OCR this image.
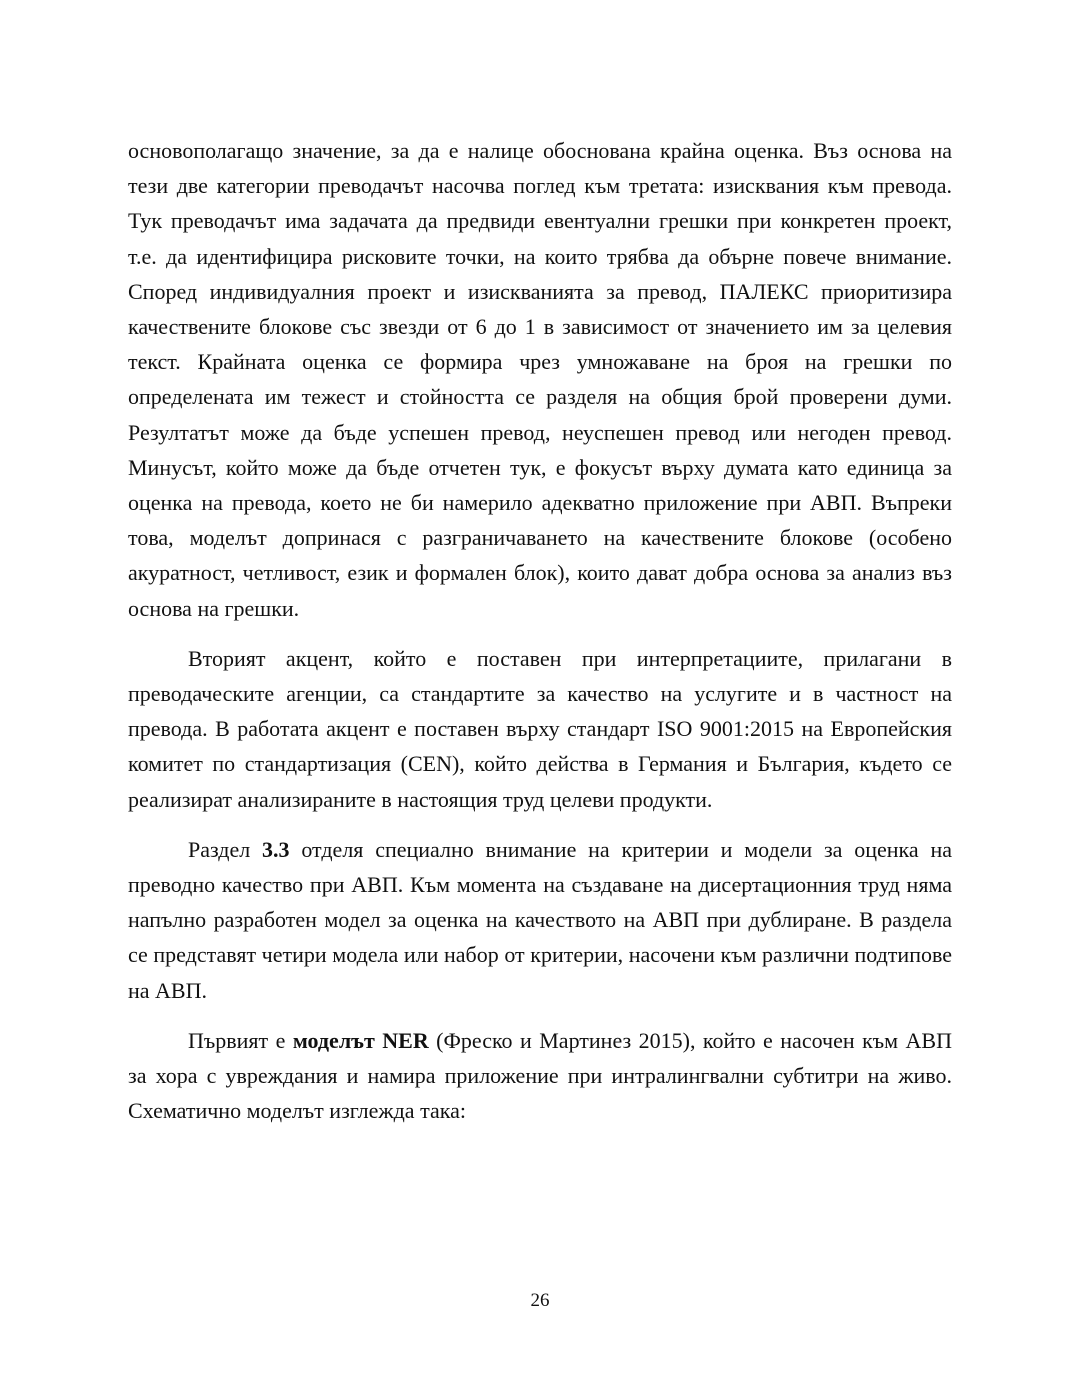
основополагащо значение, за да е налице обоснована крайна оценка. Въз основа на тези две категории преводачът насочва поглед към третата: изисквания към превода. Тук преводачът има задачата да предвиди евентуални грешки при конкретен проект, т.е. да идентифицира рисковите точки, на които трябва да обърне повече внимание. Според индивидуалния проект и изискванията за превод, ПАЛЕКС приоритизира качествените блокове със звезди от 6 до 1 в зависимост от значението им за целевия текст. Крайната оценка се формира чрез умножаване на броя на грешки по определената им тежест и стойността се разделя на общия брой проверени думи. Резултатът може да бъде успешен превод, неуспешен превод или негоден превод. Минусът, който може да бъде отчетен тук, е фокусът върху думата като единица за оценка на превода, което не би намерило адекватно приложение при АВП. Въпреки това, моделът допринася с разграничаването на качествените блокове (особено акуратност, четливост, език и формален блок), които дават добра основа за анализ въз основа на грешки.

Вторият акцент, който е поставен при интерпретациите, прилагани в преводаческите агенции, са стандартите за качество на услугите и в частност на превода. В работата акцент е поставен върху стандарт ISO 9001:2015 на Европейския комитет по стандартизация (CEN), който действа в Германия и България, където се реализират анализираните в настоящия труд целеви продукти.

Раздел 3.3 отделя специално внимание на критерии и модели за оценка на преводно качество при АВП. Към момента на създаване на дисертационния труд няма напълно разработен модел за оценка на качеството на АВП при дублиране. В раздела се представят четири модела или набор от критерии, насочени към различни подтипове на АВП.

Първият е моделът NER (Фреско и Мартинез 2015), който е насочен към АВП за хора с увреждания и намира приложение при интралингвални субтитри на живо. Схематично моделът изглежда така:

26
